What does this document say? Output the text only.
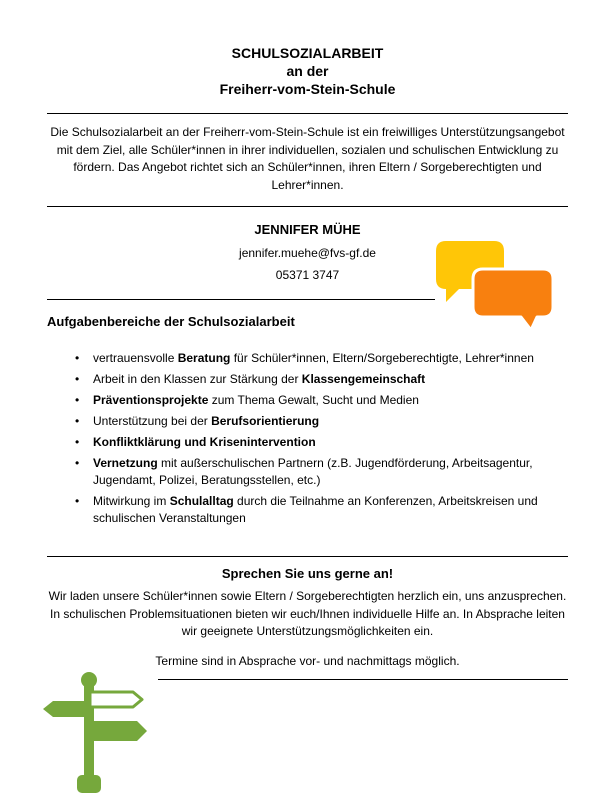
SCHULSOZIALARBEIT
an der
Freiherr-vom-Stein-Schule

Die Schulsozialarbeit an der Freiherr-vom-Stein-Schule ist ein freiwilliges Unterstützungsangebot mit dem Ziel, alle Schüler*innen in ihrer individuellen, sozialen und schulischen Entwicklung zu fördern. Das Angebot richtet sich an Schüler*innen, ihren Eltern / Sorgeberechtigten und Lehrer*innen.

JENNIFER MÜHE
jennifer.muehe@fvs-gf.de
05371 3747
Aufgabenbereiche der Schulsozialarbeit
• vertrauensvolle Beratung für Schüler*innen, Eltern/Sorgeberechtigte, Lehrer*innen
• Arbeit in den Klassen zur Stärkung der Klassengemeinschaft
• Präventionsprojekte zum Thema Gewalt, Sucht und Medien
• Unterstützung bei der Berufsorientierung
• Konfliktklärung und Krisenintervention
• Vernetzung mit außerschulischen Partnern (z.B. Jugendförderung, Arbeitsagentur, Jugendamt, Polizei, Beratungsstellen, etc.)
• Mitwirkung im Schulalltag durch die Teilnahme an Konferenzen, Arbeitskreisen und schulischen Veranstaltungen
Sprechen Sie uns gerne an!

Wir laden unsere Schüler*innen sowie Eltern / Sorgeberechtigten herzlich ein, uns anzusprechen. In schulischen Problemsituationen bieten wir euch/Ihnen individuelle Hilfe an. In Absprache leiten wir geeignete Unterstützungsmöglichkeiten ein.

Termine sind in Absprache vor- und nachmittags möglich.
